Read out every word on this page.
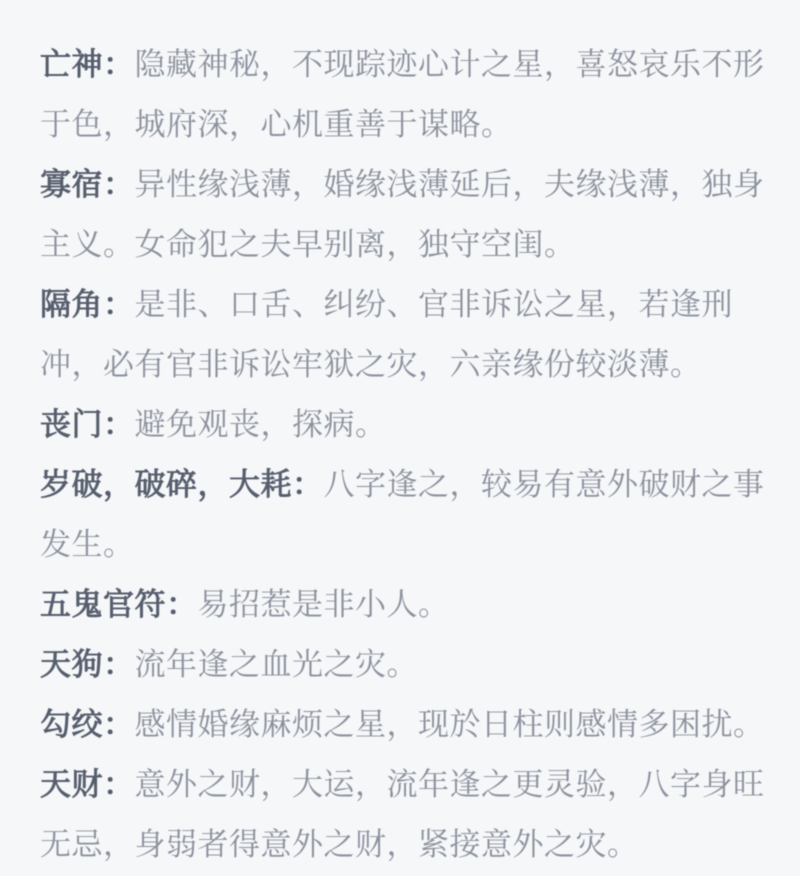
亡神：隐藏神秘，不现踪迹心计之星，喜怒哀乐不形
于色，城府深，心机重善于谋略。
寡宿：异性缘浅薄，婚缘浅薄延后，夫缘浅薄，独身
主义。女命犯之夫早别离，独守空闺。
隔角：是非、口舌、纠纷、官非诉讼之星，若逢刑
冲，必有官非诉讼牢狱之灾，六亲缘份较淡薄。
丧门：避免观丧，探病。
岁破，破碎，大耗：八字逢之，较易有意外破财之事
发生。
五鬼官符：易招惹是非小人。
天狗：流年逢之血光之灾。
勾绞：感情婚缘麻烦之星，现於日柱则感情多困扰。
天财：意外之财，大运，流年逢之更灵验，八字身旺
无忌，身弱者得意外之财，紧接意外之灾。
